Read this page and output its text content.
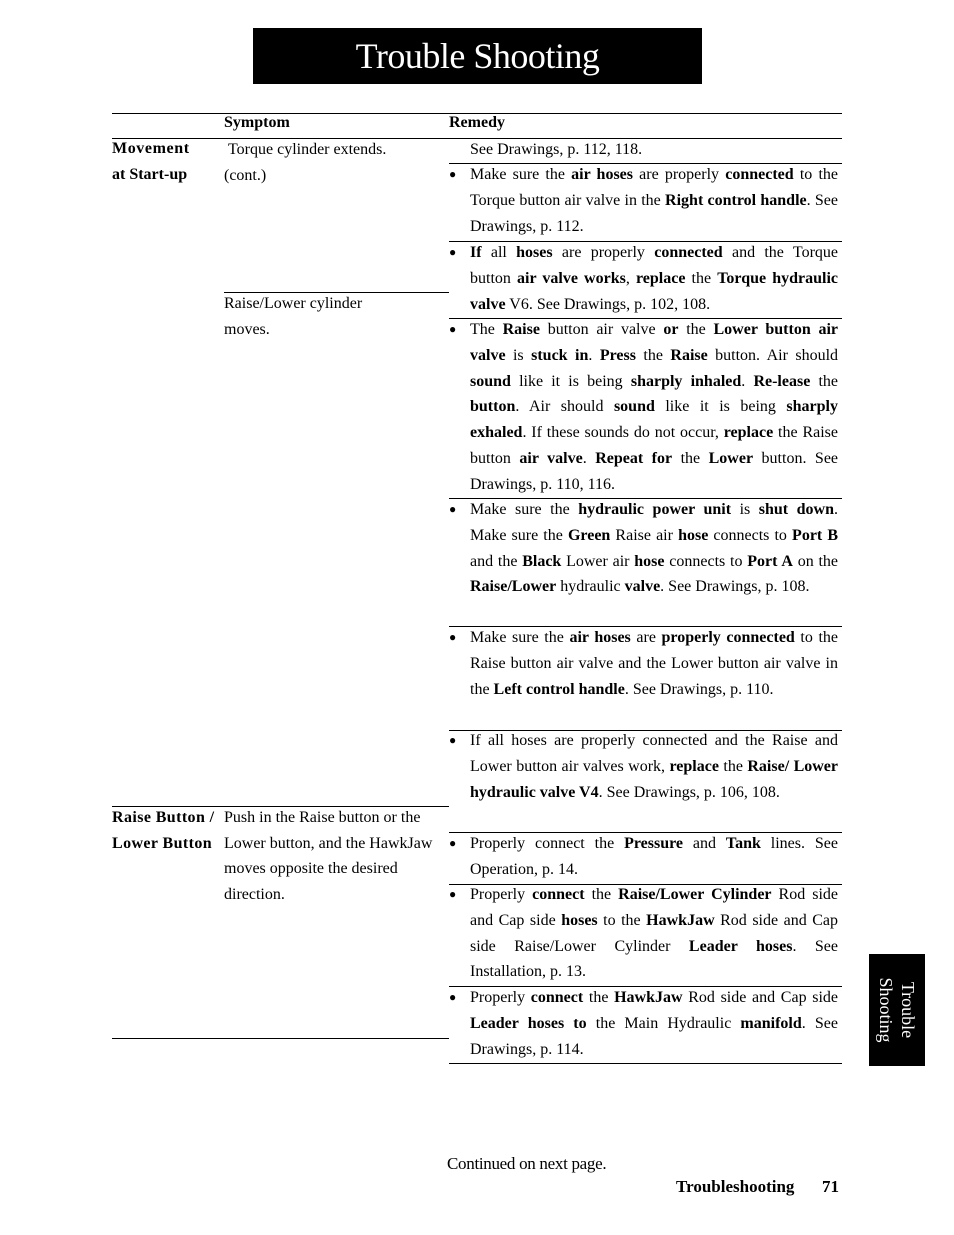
Trouble Shooting
Symptom	Remedy
Movement
at Start-up
Raise Button /
Lower Button
Torque cylinder extends. (cont.)
Raise/Lower cylinder moves.
Push in the Raise button or the Lower button, and the HawkJaw moves opposite the desired direction.

See Drawings, p. 112, 118.

● Make sure the air hoses are properly connected to the Torque button air valve in the Right control handle. See Drawings, p. 112.

● If all hoses are properly connected and the Torque button air valve works, replace the Torque hydraulic valve V6. See Drawings, p. 102, 108.

● The Raise button air valve or the Lower button air valve is stuck in. Press the Raise button. Air should sound like it is being sharply inhaled. Re-lease the button. Air should sound like it is being sharply exhaled. If these sounds do not occur, replace the Raise button air valve. Repeat for the Lower button. See Drawings, p. 110, 116.

● Make sure the hydraulic power unit is shut down. Make sure the Green Raise air hose connects to Port B and the Black Lower air hose connects to Port A on the Raise/Lower hydraulic valve. See Drawings, p. 108.

● Make sure the air hoses are properly connected to the Raise button air valve and the Lower button air valve in the Left control handle. See Drawings, p. 110.

● If all hoses are properly connected and the Raise and Lower button air valves work, replace the Raise/ Lower hydraulic valve V4. See Drawings, p. 106, 108.

● Properly connect the Pressure and Tank lines. See Operation, p. 14.

● Properly connect the Raise/Lower Cylinder Rod side and Cap side hoses to the HawkJaw Rod side and Cap side Raise/Lower Cylinder Leader hoses. See Installation, p. 13.

● Properly connect the HawkJaw Rod side and Cap side Leader hoses to the Main Hydraulic manifold. See Drawings, p. 114.

Trouble
Shooting
Continued on next page.
Troubleshooting 71
